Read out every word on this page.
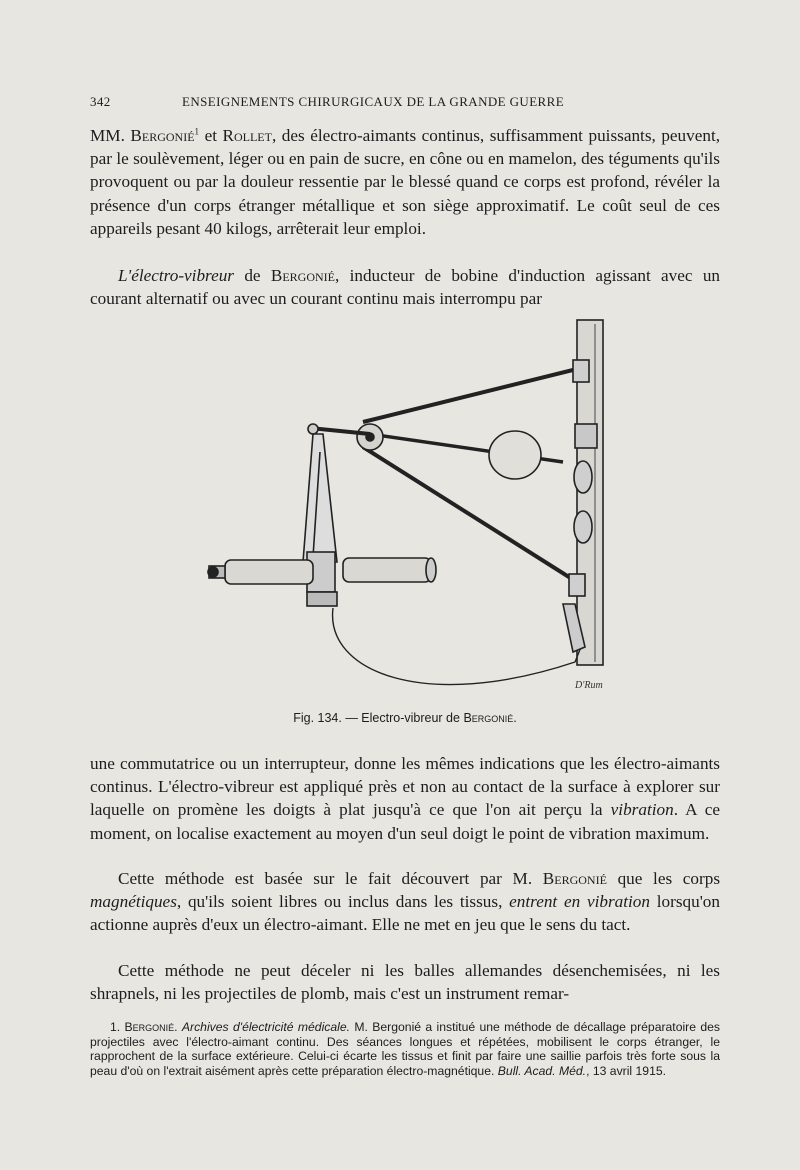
342	ENSEIGNEMENTS CHIRURGICAUX DE LA GRANDE GUERRE

MM. Bergonié$^1$ et Rollet, des électro-aimants continus, suffisamment puissants, peuvent, par le soulèvement, léger ou en pain de sucre, en cône ou en mamelon, des téguments qu'ils provoquent ou par la douleur ressentie par le blessé quand ce corps est profond, révéler la présence d'un corps étranger métallique et son siège approximatif. Le coût seul de ces appareils pesant 40 kilogs, arrêterait leur emploi.

L'électro-vibreur de Bergonié, inducteur de bobine d'induction agissant avec un courant alternatif ou avec un courant continu mais interrompu par

D'Rum
Fig. 134. — Electro-vibreur de Bergonié.

une commutatrice ou un interrupteur, donne les mêmes indications que les électro-aimants continus. L'électro-vibreur est appliqué près et non au contact de la surface à explorer sur laquelle on promène les doigts à plat jusqu'à ce que l'on ait perçu la vibration. A ce moment, on localise exactement au moyen d'un seul doigt le point de vibration maximum.

Cette méthode est basée sur le fait découvert par M. Bergonié que les corps magnétiques, qu'ils soient libres ou inclus dans les tissus, entrent en vibration lorsqu'on actionne auprès d'eux un électro-aimant. Elle ne met en jeu que le sens du tact.

Cette méthode ne peut déceler ni les balles allemandes désenchemisées, ni les shrapnels, ni les projectiles de plomb, mais c'est un instrument remar-

1. Bergonié. Archives d'électricité médicale. M. Bergonié a institué une méthode de décallage préparatoire des projectiles avec l'électro-aimant continu. Des séances longues et répétées, mobilisent le corps étranger, le rapprochent de la surface extérieure. Celui-ci écarte les tissus et finit par faire une saillie parfois très forte sous la peau d'où on l'extrait aisément après cette préparation électro-magnétique. Bull. Acad. Méd., 13 avril 1915.
